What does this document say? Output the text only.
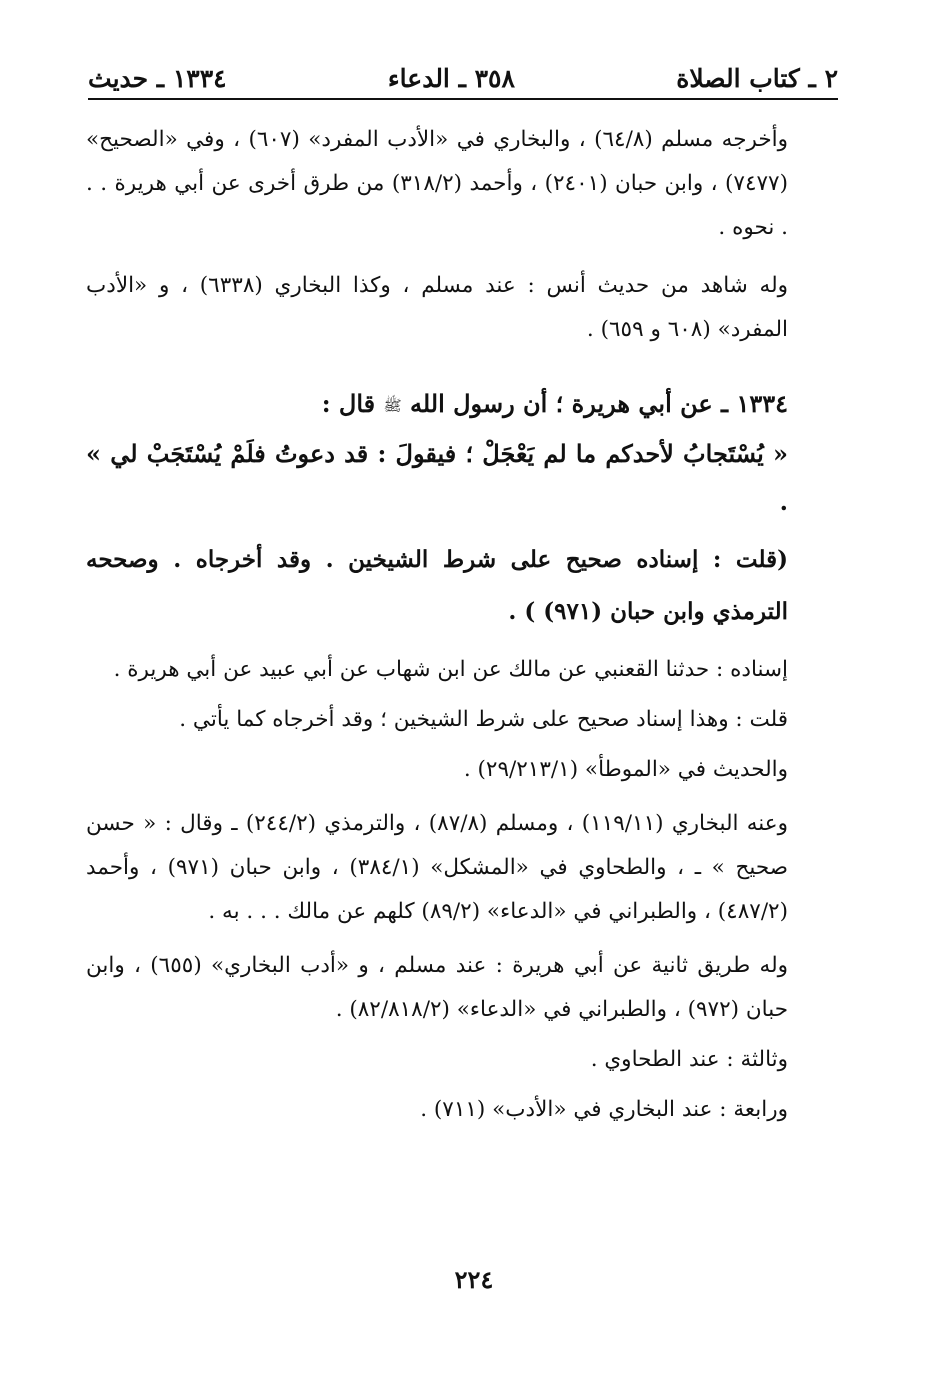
٢ ـ كتاب الصلاة
٣٥٨ ـ الدعاء
١٣٣٤ ـ حديث

وأخرجه مسلم (٦٤/٨) ، والبخاري في «الأدب المفرد» (٦٠٧) ، وفي «الصحيح» (٧٤٧٧) ، وابن حبان (٢٤٠١) ، وأحمد (٣١٨/٢) من طرق أخرى عن أبي هريرة . . . نحوه .

وله شاهد من حديث أنس : عند مسلم ، وكذا البخاري (٦٣٣٨) ، و «الأدب المفرد» (٦٠٨ و ٦٥٩) .

١٣٣٤ ـ عن أبي هريرة ؛ أن رسول الله ﷺ قال :

« يُسْتَجابُ لأحدكم ما لم يَعْجَلْ ؛ فيقولَ : قد دعوتُ فلَمْ يُسْتَجَبْ لي » .

(قلت : إسناده صحيح على شرط الشيخين . وقد أخرجاه . وصححه الترمذي وابن حبان (٩٧١) ) .

إسناده : حدثنا القعنبي عن مالك عن ابن شهاب عن أبي عبيد عن أبي هريرة .

قلت : وهذا إسناد صحيح على شرط الشيخين ؛ وقد أخرجاه كما يأتي .

والحديث في «الموطأ» (٢٩/٢١٣/١) .

وعنه البخاري (١١٩/١١) ، ومسلم (٨٧/٨) ، والترمذي (٢٤٤/٢) ـ وقال : « حسن صحيح » ـ ، والطحاوي في «المشكل» (٣٨٤/١) ، وابن حبان (٩٧١) ، وأحمد (٤٨٧/٢) ، والطبراني في «الدعاء» (٨٩/٢) كلهم عن مالك . . . به .

وله طريق ثانية عن أبي هريرة : عند مسلم ، و «أدب البخاري» (٦٥٥) ، وابن حبان (٩٧٢) ، والطبراني في «الدعاء» (٨٢/٨١٨/٢) .

وثالثة : عند الطحاوي .

ورابعة : عند البخاري في «الأدب» (٧١١) .

٢٢٤
